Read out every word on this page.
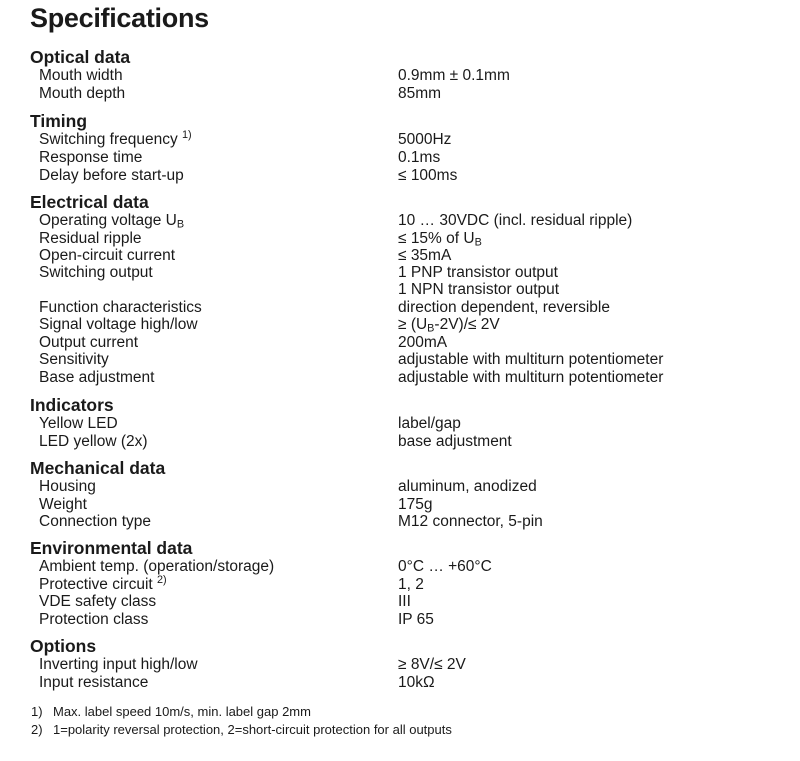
Specifications
Optical data
Mouth width	0.9mm ± 0.1mm
Mouth depth	85mm
Timing
Switching frequency $^{1)}$	5000Hz
Response time	0.1ms
Delay before start-up	≤ 100ms
Electrical data
Operating voltage $U_B$	10 … 30VDC (incl. residual ripple)
Residual ripple	≤ 15% of $U_B$
Open-circuit current	≤ 35mA
Switching output	1 PNP transistor output
1 NPN transistor output
Function characteristics	direction dependent, reversible
Signal voltage high/low	≥ $(U_B-2V)/\le 2V$
Output current	200mA
Sensitivity	adjustable with multiturn potentiometer
Base adjustment	adjustable with multiturn potentiometer
Indicators
Yellow LED	label/gap
LED yellow (2x)	base adjustment
Mechanical data
Housing	aluminum, anodized
Weight	175g
Connection type	M12 connector, 5-pin
Environmental data
Ambient temp. (operation/storage)	0°C … +60°C
Protective circuit $^{2)}$	1, 2
VDE safety class	III
Protection class	IP 65
Options
Inverting input high/low	≥ 8V/≤ 2V
Input resistance	10kΩ
1) Max. label speed 10m/s, min. label gap 2mm
2) 1=polarity reversal protection, 2=short-circuit protection for all outputs
